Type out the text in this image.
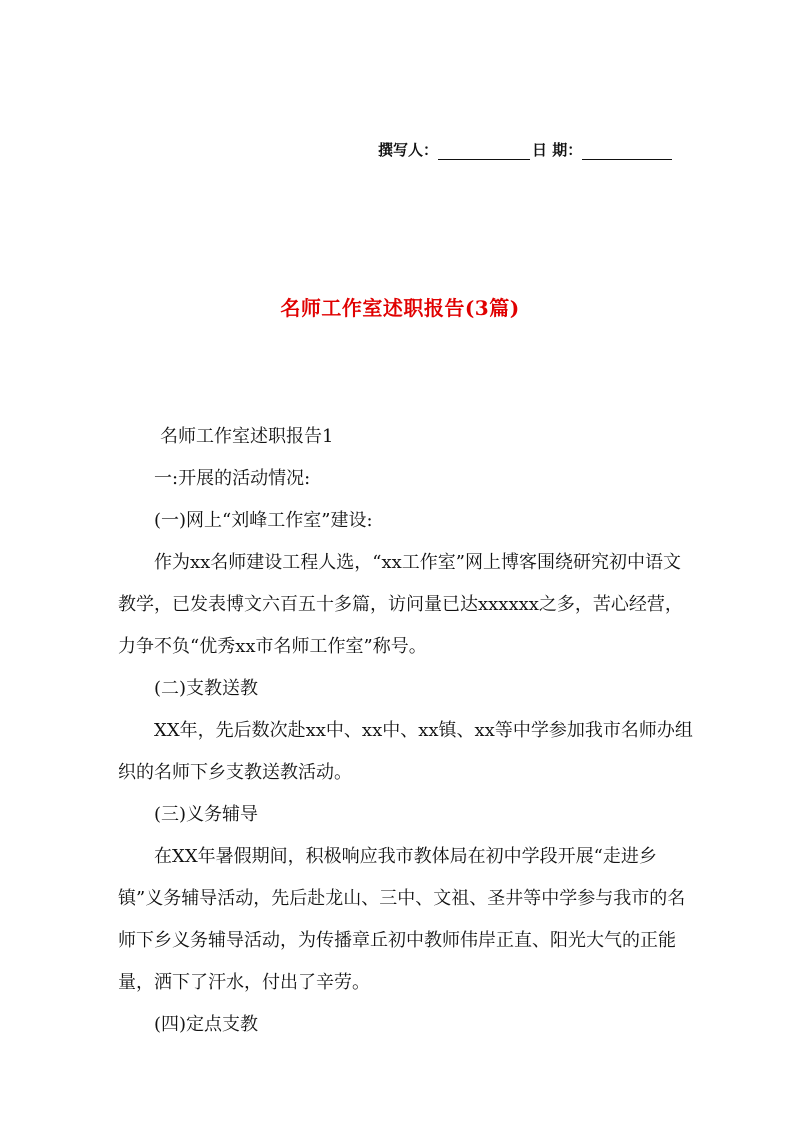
撰写人：	日 期：
名师工作室述职报告(3篇)

名师工作室述职报告1

一:开展的活动情况:

(一)网上“刘峰工作室”建设:

作为xx名师建设工程人选，“xx工作室”网上博客围绕研究初中语文教学，已发表博文六百五十多篇，访问量已达xxxxxx之多，苦心经营，力争不负“优秀xx市名师工作室”称号。

(二)支教送教

XX年，先后数次赴xx中、xx中、xx镇、xx等中学参加我市名师办组织的名师下乡支教送教活动。

(三)义务辅导

在XX年暑假期间，积极响应我市教体局在初中学段开展“走进乡镇”义务辅导活动，先后赴龙山、三中、文祖、圣井等中学参与我市的名师下乡义务辅导活动，为传播章丘初中教师伟岸正直、阳光大气的正能量，洒下了汗水，付出了辛劳。

(四)定点支教
